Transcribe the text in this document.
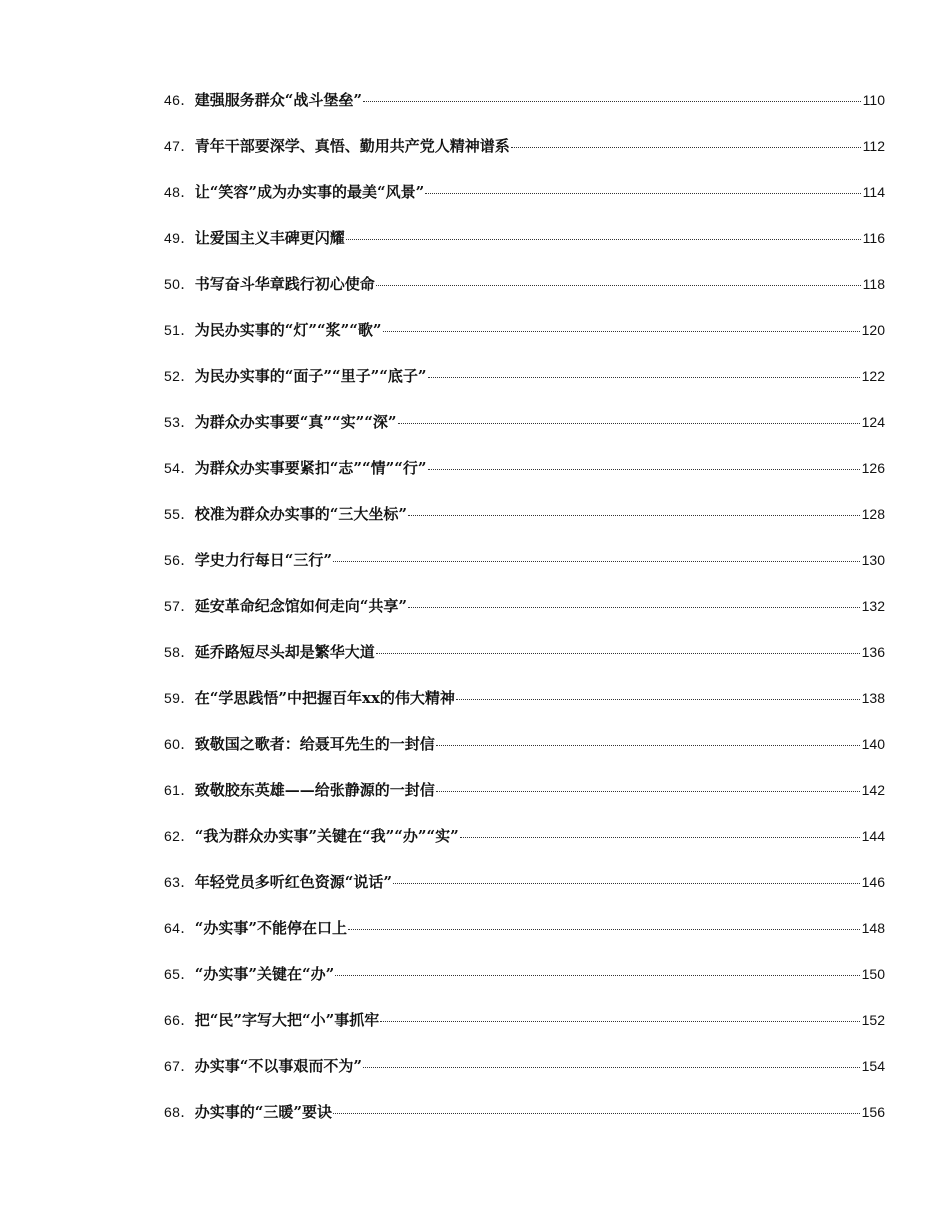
46． 建强服务群众“战斗堡垒”	110
47． 青年干部要深学、真悟、勤用共产党人精神谱系	112
48． 让“笑容”成为办实事的最美“风景”	114
49． 让爱国主义丰碑更闪耀	116
50． 书写奋斗华章践行初心使命	118
51． 为民办实事的“灯”“浆”“歌”	120
52． 为民办实事的“面子”“里子”“底子”	122
53． 为群众办实事要“真”“实”“深”	124
54． 为群众办实事要紧扣“志”“情”“行”	126
55． 校准为群众办实事的“三大坐标”	128
56． 学史力行每日“三行”	130
57． 延安革命纪念馆如何走向“共享”	132
58． 延乔路短尽头却是繁华大道	136
59． 在“学思践悟”中把握百年xx的伟大精神	138
60． 致敬国之歌者：给聂耳先生的一封信	140
61． 致敬胶东英雄——给张静源的一封信	142
62． “我为群众办实事”关键在“我”“办”“实”	144
63． 年轻党员多听红色资源“说话”	146
64． “办实事”不能停在口上	148
65． “办实事”关键在“办”	150
66． 把“民”字写大把“小”事抓牢	152
67． 办实事“不以事艰而不为”	154
68． 办实事的“三暖”要诀	156
